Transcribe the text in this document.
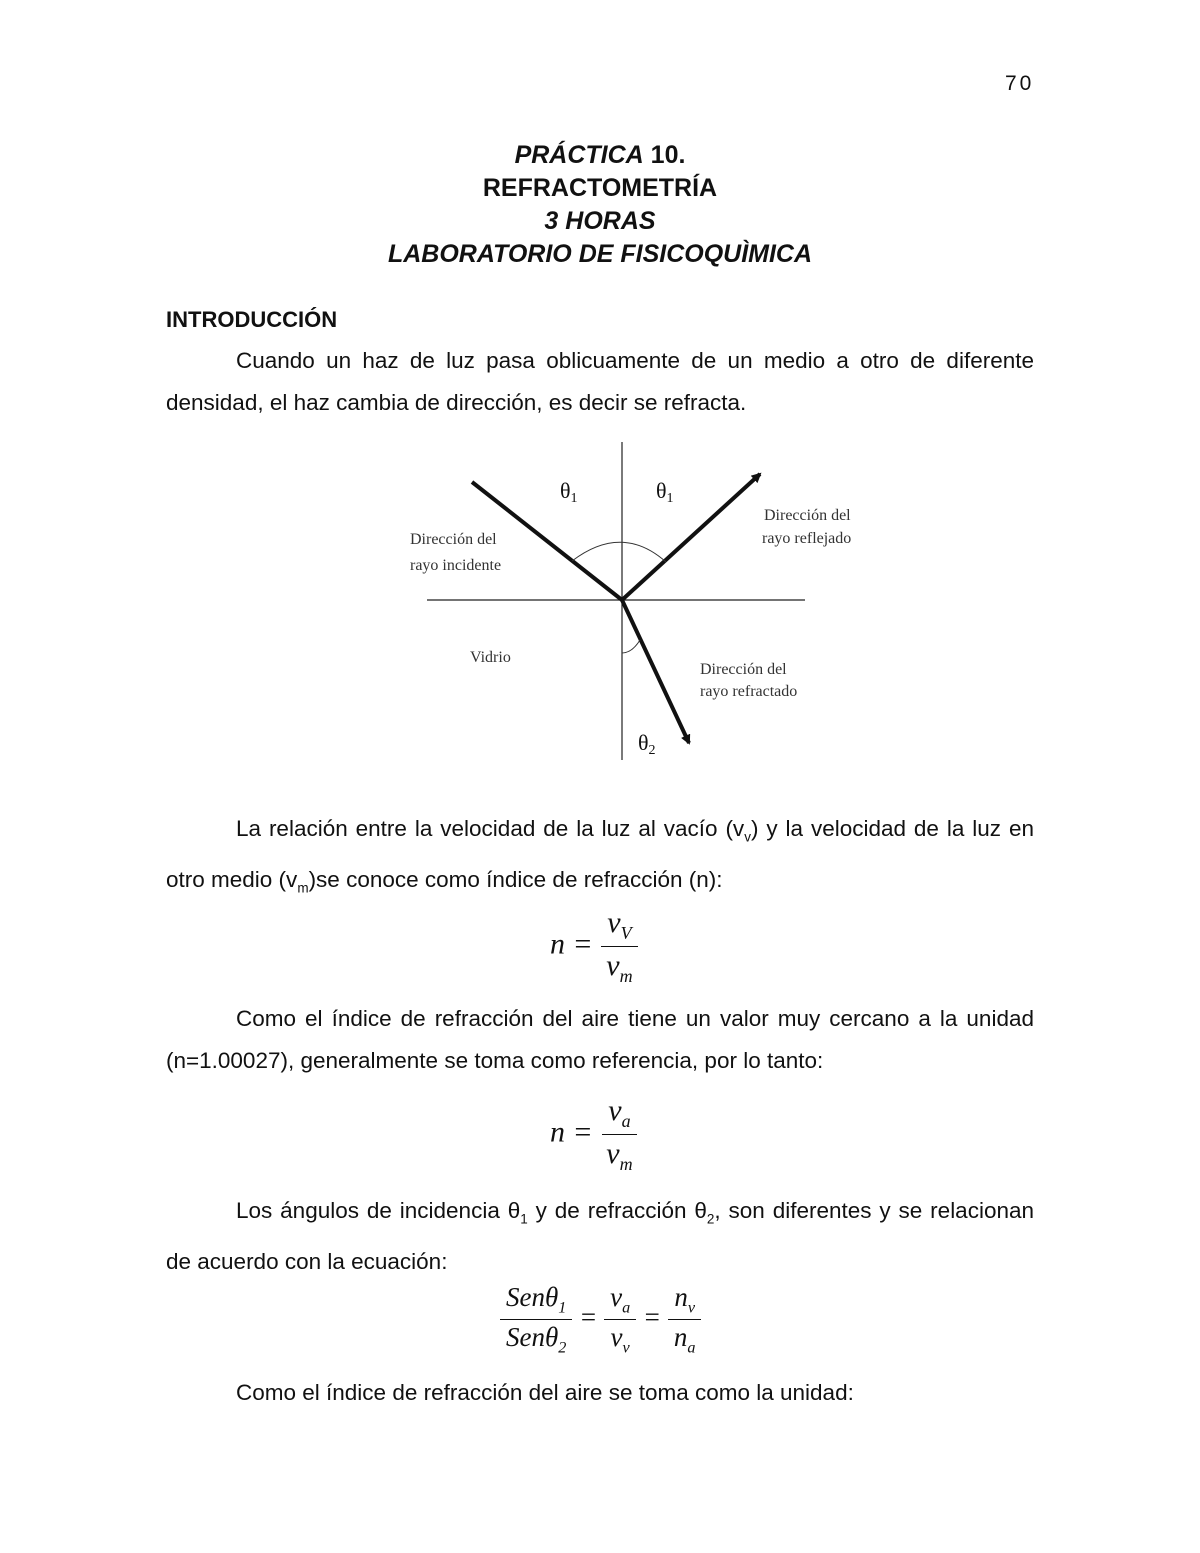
70
PRÁCTICA 10.
REFRACTOMETRÍA
3 HORAS
LABORATORIO DE FISICOQUÌMICA
INTRODUCCIÓN
Cuando un haz de luz pasa oblicuamente de un medio a otro de diferente densidad, el haz cambia de dirección, es decir se refracta.
θ1	θ1
θ2
Dirección del
rayo incidente
Dirección del
rayo reflejado
Vidrio
Dirección del
rayo refractado
La relación entre la velocidad de la luz al vacío $(v_v)$ y la velocidad de la luz en otro medio $(v_m)se$ conoce como índice de refracción (n):
$n = \frac{v_V}{v_m}$
Como el índice de refracción del aire tiene un valor muy cercano a la unidad (n=1.00027), generalmente se toma como referencia, por lo tanto:
$n = \frac{v_a}{v_m}$
Los ángulos de incidencia $\theta_1$ y de refracción $\theta_2$, son diferentes y se relacionan de acuerdo con la ecuación:
$\frac{Sen\theta_1}{Sen\theta_2} = \frac{v_a}{v_v} = \frac{n_v}{n_a}$
Como el índice de refracción del aire se toma como la unidad:
